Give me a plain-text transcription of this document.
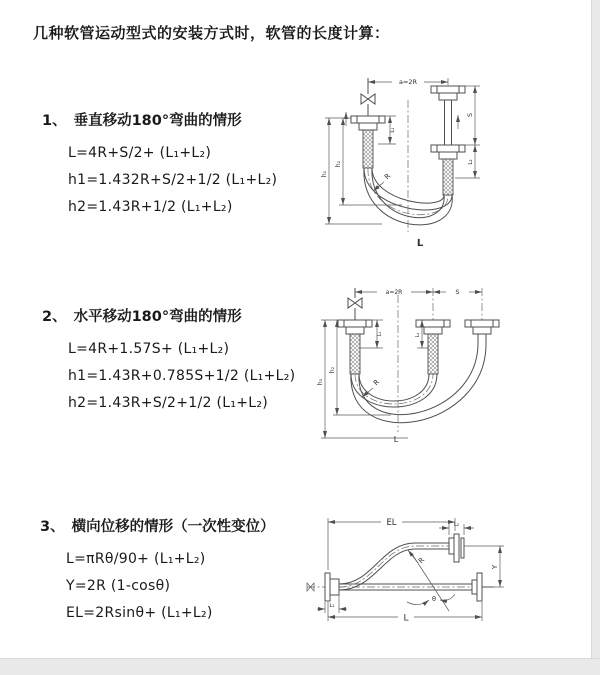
几种软管运动型式的安装方式时，软管的长度计算：
1、 垂直移动180°弯曲的情形
L=4R+S/2+ (L₁+L₂)
h1=1.432R+S/2+1/2 (L₁+L₂)
h2=1.43R+1/2 (L₁+L₂)
2、 水平移动180°弯曲的情形
L=4R+1.57S+ (L₁+L₂)
h1=1.43R+0.785S+1/2 (L₁+L₂)
h2=1.43R+S/2+1/2 (L₁+L₂)
3、 横向位移的情形（一次性变位）
L=πRθ/90+ (L₁+L₂)
Y=2R (1-cosθ)
EL=2Rsinθ+ (L₁+L₂)
a=2R
h₁
h₂
L₁
S
L₂
R
L
a=2R	S
h₁
h₂
L₁	L₂
R
L
EL	L₂
Y
L
L₁
R
θ
